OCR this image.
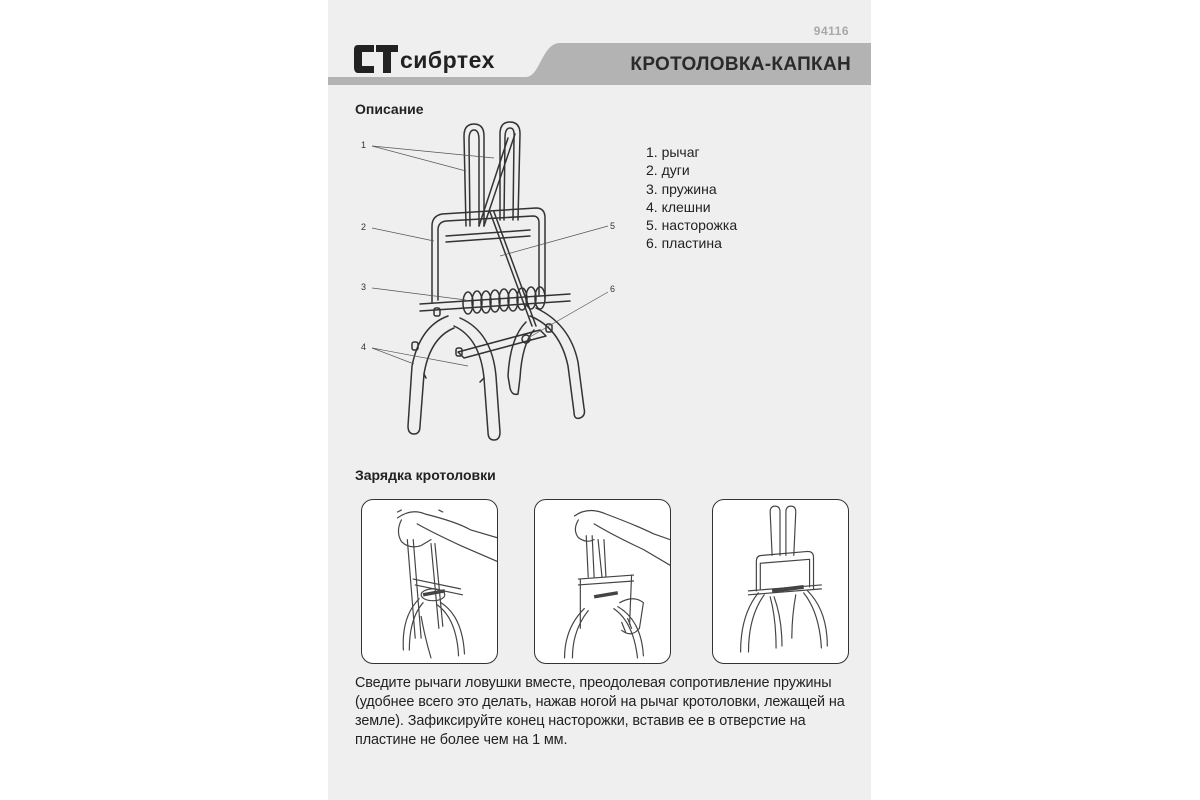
94116
сибртех	КРОТОЛОВКА-КАПКАН
Описание
1
2
3
4
5
6
1. рычаг
2. дуги
3. пружина
4. клешни
5. насторожка
6. пластина
Зарядка кротоловки

Сведите рычаги ловушки вместе, преодолевая сопротивление пружины (удобнее всего это делать, нажав ногой на рычаг кротоловки, лежащей на земле). Зафиксируйте конец насторожки, вставив ее в отверстие на пластине не более чем на 1 мм.
